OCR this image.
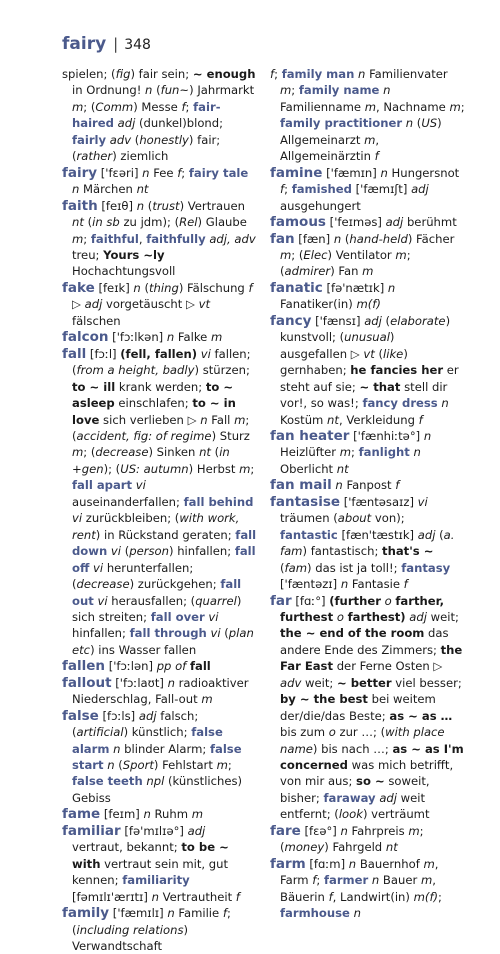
fairy | 348

spielen; (fig) fair sein; ~ enough in Ordnung! n (fun~) Jahrmarkt m; (Comm) Messe f; fair-haired adj (dunkel)blond; fairly adv (honestly) fair; (rather) ziemlich

fairy ['fɛəri] n Fee f; fairy tale n Märchen nt

faith [feɪθ] n (trust) Vertrauen nt (in sb zu jdm); (Rel) Glaube m; faithful, faithfully adj, adv treu; Yours ~ly Hochachtungsvoll

fake [feɪk] n (thing) Fälschung f ▷ adj vorgetäuscht ▷ vt fälschen

falcon ['fɔːlkən] n Falke m

fall [fɔːl] (fell, fallen) vi fallen; (from a height, badly) stürzen; to ~ ill krank werden; to ~ asleep einschlafen; to ~ in love sich verlieben ▷ n Fall m; (accident, fig: of regime) Sturz m; (decrease) Sinken nt (in +gen); (US: autumn) Herbst m; fall apart vi auseinanderfallen; fall behind vi zurückbleiben; (with work, rent) in Rückstand geraten; fall down vi (person) hinfallen; fall off vi herunterfallen; (decrease) zurückgehen; fall out vi herausfallen; (quarrel) sich streiten; fall over vi hinfallen; fall through vi (plan etc) ins Wasser fallen

fallen ['fɔːlən] pp of fall

fallout ['fɔːlaʊt] n radioaktiver Niederschlag, Fall-out m

false [fɔːls] adj falsch; (artificial) künstlich; false alarm n blinder Alarm; false start n (Sport) Fehlstart m; false teeth npl (künstliches) Gebiss

fame [feɪm] n Ruhm m

familiar [fə'mɪlɪə°] adj vertraut, bekannt; to be ~ with vertraut sein mit, gut kennen; familiarity [fəmɪlɪ'ærɪtɪ] n Vertrautheit f

family ['fæmɪlɪ] n Familie f; (including relations) Verwandtschaft

f; family man n Familienvater m; family name n Familienname m, Nachname m; family practitioner n (US) Allgemeinarzt m, Allgemeinärztin f

famine ['fæmɪn] n Hungersnot f; famished ['fæmɪʃt] adj ausgehungert

famous ['feɪməs] adj berühmt

fan [fæn] n (hand-held) Fächer m; (Elec) Ventilator m; (admirer) Fan m

fanatic [fə'nætɪk] n Fanatiker(in) m(f)

fancy ['fænsɪ] adj (elaborate) kunstvoll; (unusual) ausgefallen ▷ vt (like) gernhaben; he fancies her er steht auf sie; ~ that stell dir vor!, so was!; fancy dress n Kostüm nt, Verkleidung f

fan heater ['fænhiːtə°] n Heizlüfter m; fanlight n Oberlicht nt

fan mail n Fanpost f

fantasise ['fæntəsaɪz] vi träumen (about von); fantastic [fæn'tæstɪk] adj (a. fam) fantastisch; that's ~ (fam) das ist ja toll!; fantasy ['fæntəzɪ] n Fantasie f

far [fɑː°] (further o farther, furthest o farthest) adj weit; the ~ end of the room das andere Ende des Zimmers; the Far East der Ferne Osten ▷ adv weit; ~ better viel besser; by ~ the best bei weitem der/die/das Beste; as ~ as … bis zum o zur …; (with place name) bis nach …; as ~ as I'm concerned was mich betrifft, von mir aus; so ~ soweit, bisher; faraway adj weit entfernt; (look) verträumt

fare [fɛə°] n Fahrpreis m; (money) Fahrgeld nt

farm [fɑːm] n Bauernhof m, Farm f; farmer n Bauer m, Bäuerin f, Landwirt(in) m(f); farmhouse n
